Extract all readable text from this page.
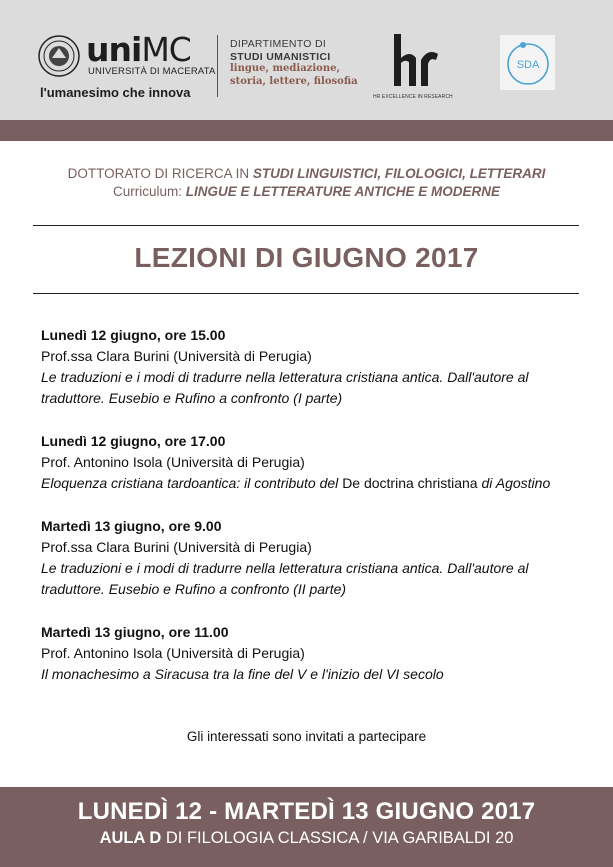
uniMC
UNIVERSITÀ DI MACERATA
l'umanesimo che innova
DIPARTIMENTO DI
STUDI UMANISTICI
lingue, mediazione,
storia, lettere, filosofia
HR EXCELLENCE IN RESEARCH
SDA
DOTTORATO DI RICERCA IN STUDI LINGUISTICI, FILOLOGICI, LETTERARI
Curriculum: LINGUE E LETTERATURE ANTICHE E MODERNE
LEZIONI DI GIUGNO 2017
Lunedì 12 giugno, ore 15.00
Prof.ssa Clara Burini (Università di Perugia)
Le traduzioni e i modi di tradurre nella letteratura cristiana antica. Dall'autore al traduttore. Eusebio e Rufino a confronto (I parte)
Lunedì 12 giugno, ore 17.00
Prof. Antonino Isola (Università di Perugia)
Eloquenza cristiana tardoantica: il contributo del De doctrina christiana di Agostino
Martedì 13 giugno, ore 9.00
Prof.ssa Clara Burini (Università di Perugia)
Le traduzioni e i modi di tradurre nella letteratura cristiana antica. Dall'autore al traduttore. Eusebio e Rufino a confronto (II parte)
Martedì 13 giugno, ore 11.00
Prof. Antonino Isola (Università di Perugia)
Il monachesimo a Siracusa tra la fine del V e l'inizio del VI secolo
Gli interessati sono invitati a partecipare
LUNEDÌ 12 - MARTEDÌ 13 GIUGNO 2017
AULA D DI FILOLOGIA CLASSICA / VIA GARIBALDI 20
